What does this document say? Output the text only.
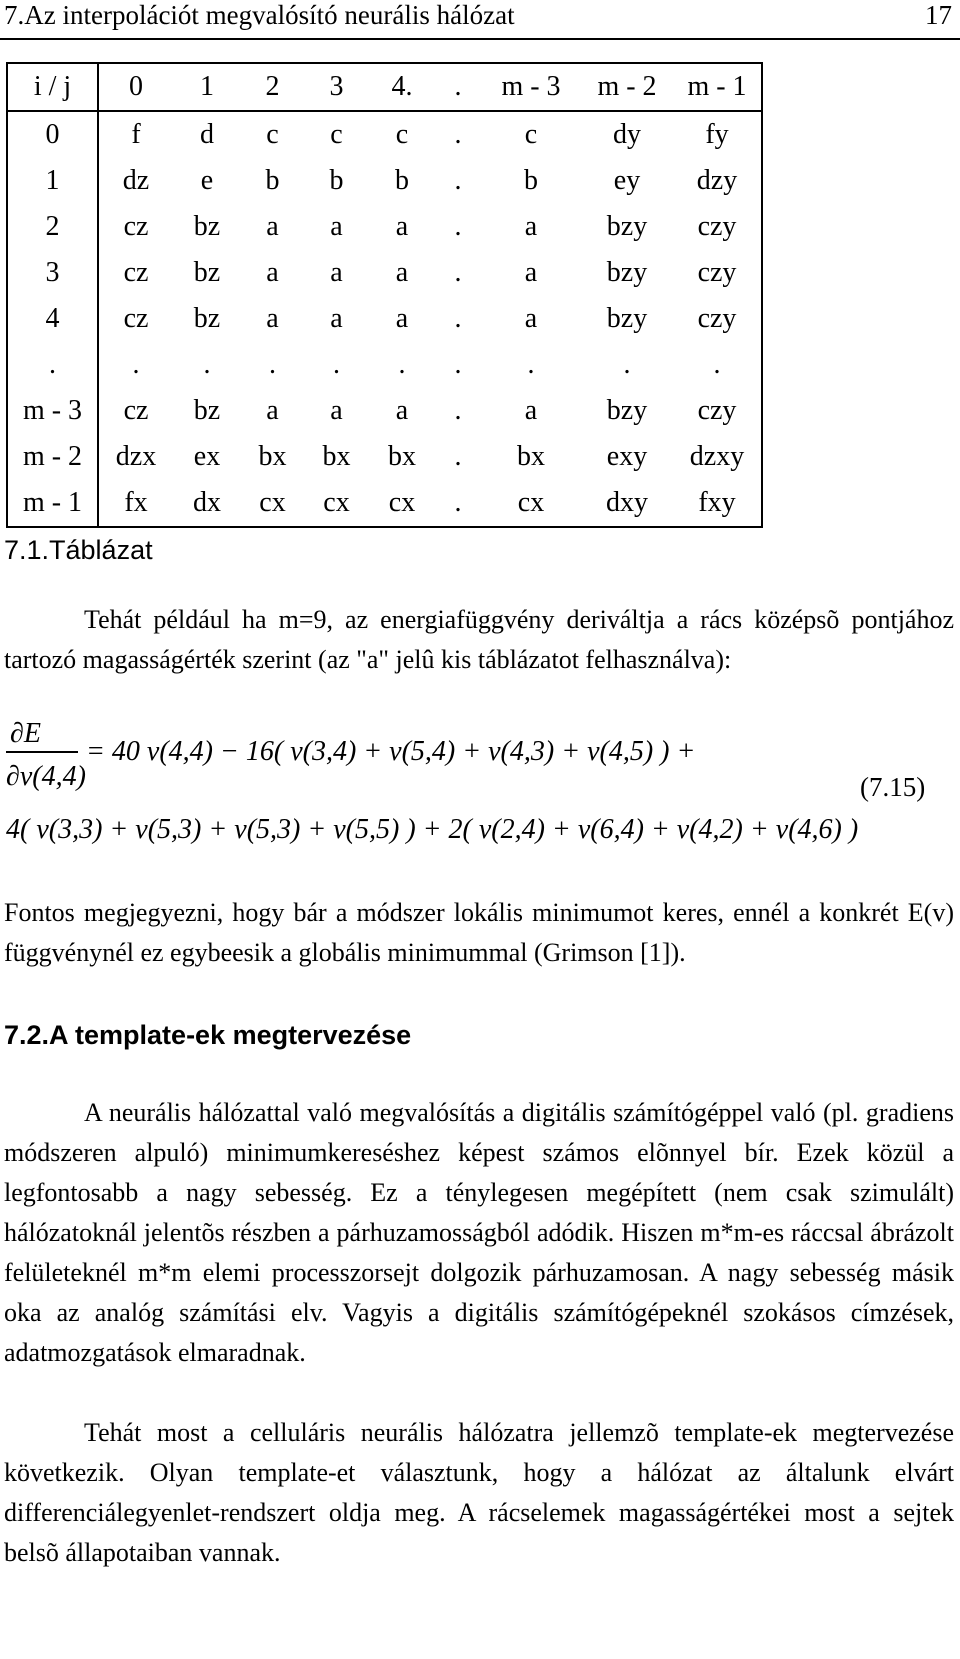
7.Az interpolációt megvalósító neurális hálózat	17
i / j	0	1	2	3	4.	.	m - 3	m - 2	m - 1
0	f	d	c	c	c	.	c	dy	fy
1	dz	e	b	b	b	.	b	ey	dzy
2	cz	bz	a	a	a	.	a	bzy	czy
3	cz	bz	a	a	a	.	a	bzy	czy
4	cz	bz	a	a	a	.	a	bzy	czy
.	.	.	.	.	.	.	.	.	.
m - 3	cz	bz	a	a	a	.	a	bzy	czy
m - 2	dzx	ex	bx	bx	bx	.	bx	exy	dzxy
m - 1	fx	dx	cx	cx	cx	.	cx	dxy	fxy
7.1.Táblázat
Tehát például ha m=9, az energiafüggvény deriváltja a rács középsõ pontjához tartozó magasságérték szerint (az "a" jelû kis táblázatot felhasználva):
∂E
∂v(4,4)
= 40 v(4,4) − 16( v(3,4) + v(5,4) + v(4,3) + v(4,5) ) +
(7.15)
4( v(3,3) + v(5,3) + v(5,3) + v(5,5) ) + 2( v(2,4) + v(6,4) + v(4,2) + v(4,6) )
Fontos megjegyezni, hogy bár a módszer lokális minimumot keres, ennél a konkrét E(v) függvénynél ez egybeesik a globális minimummal (Grimson [1]).
7.2.A template-ek megtervezése
A neurális hálózattal való megvalósítás a digitális számítógéppel való (pl. gradiens módszeren alpuló) minimumkereséshez képest számos elõnnyel bír. Ezek közül a legfontosabb a nagy sebesség. Ez a ténylegesen megépített (nem csak szimulált) hálózatoknál jelentõs részben a párhuzamosságból adódik. Hiszen m*m-es ráccsal ábrázolt felületeknél m*m elemi processzorsejt dolgozik párhuzamosan. A nagy sebesség másik oka az analóg számítási elv. Vagyis a digitális számítógépeknél szokásos címzések, adatmozgatások elmaradnak.
Tehát most a celluláris neurális hálózatra jellemzõ template-ek megtervezése következik. Olyan template-et választunk, hogy a hálózat az általunk elvárt differenciálegyenlet-rendszert oldja meg. A rácselemek magasságértékei most a sejtek belsõ állapotaiban vannak.
